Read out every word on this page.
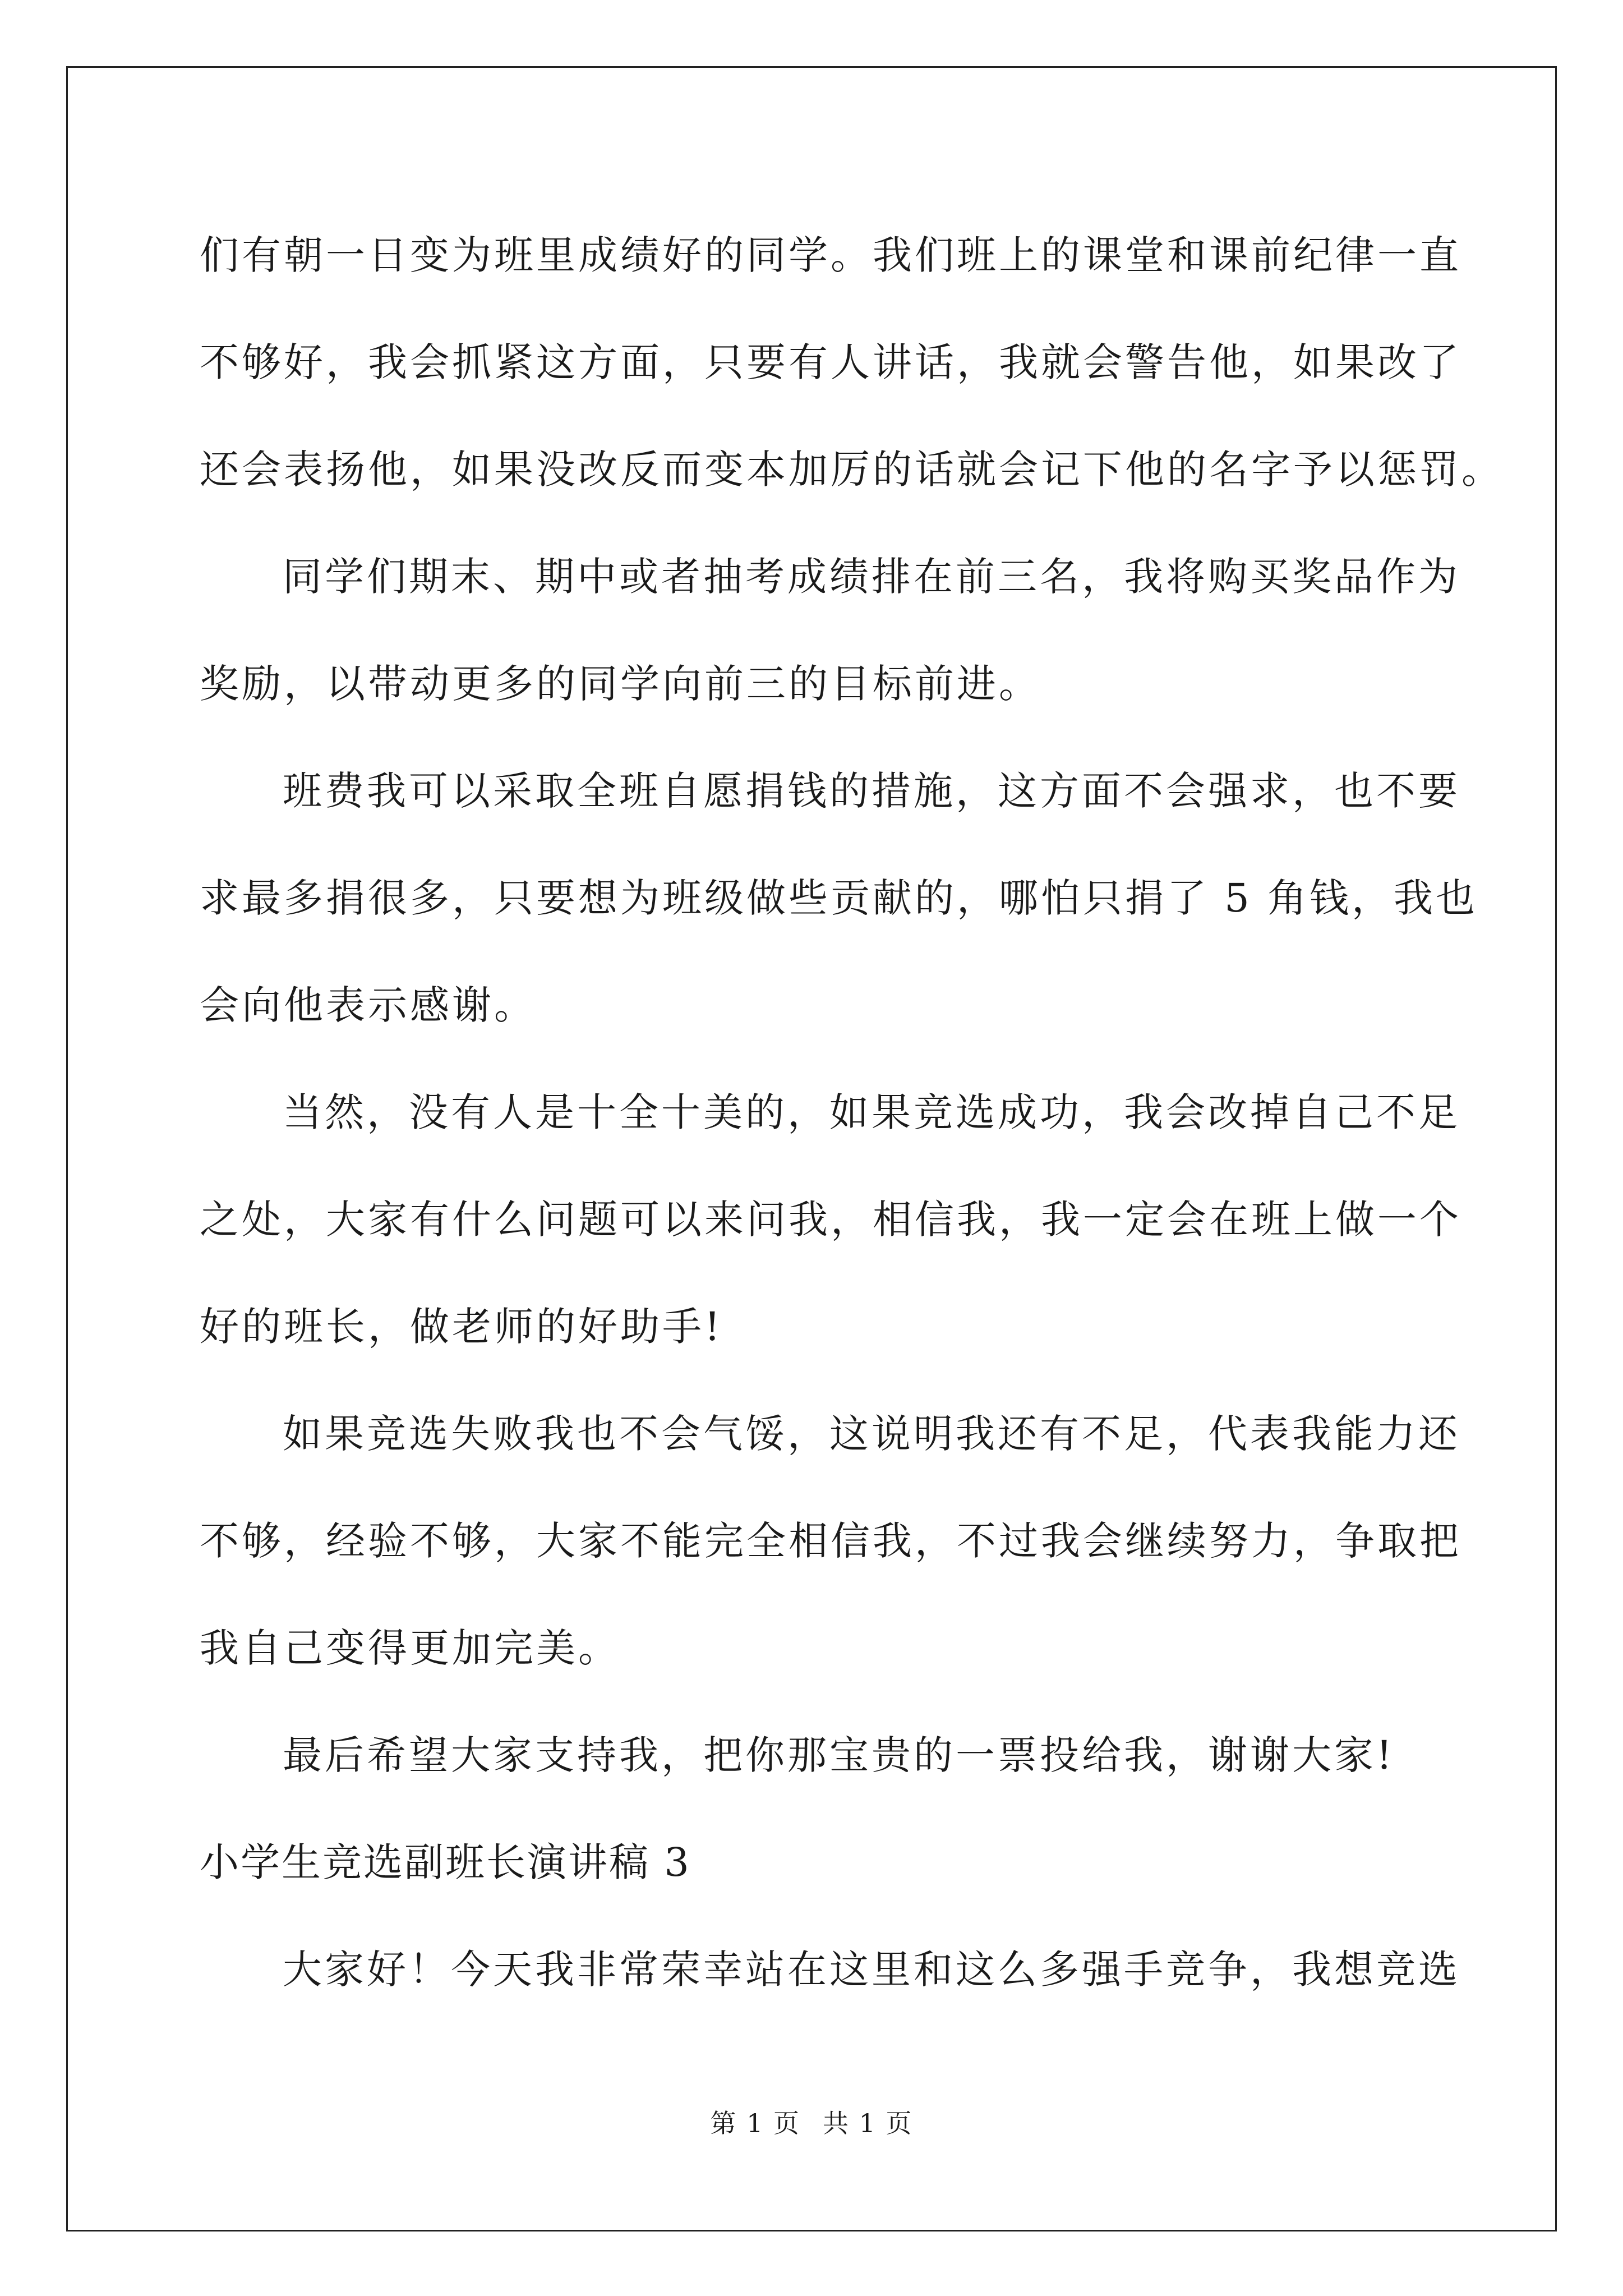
们有朝一日变为班里成绩好的同学。我们班上的课堂和课前纪律一直
不够好，我会抓紧这方面，只要有人讲话，我就会警告他，如果改了
还会表扬他，如果没改反而变本加厉的话就会记下他的名字予以惩罚。
同学们期末、期中或者抽考成绩排在前三名，我将购买奖品作为
奖励，以带动更多的同学向前三的目标前进。
班费我可以采取全班自愿捐钱的措施，这方面不会强求，也不要
求最多捐很多，只要想为班级做些贡献的，哪怕只捐了 5 角钱，我也
会向他表示感谢。
当然，没有人是十全十美的，如果竞选成功，我会改掉自己不足
之处，大家有什么问题可以来问我，相信我，我一定会在班上做一个
好的班长，做老师的好助手!
如果竞选失败我也不会气馁，这说明我还有不足，代表我能力还
不够，经验不够，大家不能完全相信我，不过我会继续努力，争取把
我自己变得更加完美。
最后希望大家支持我，把你那宝贵的一票投给我，谢谢大家!
小学生竞选副班长演讲稿 3
大家好！今天我非常荣幸站在这里和这么多强手竞争，我想竞选
第 1 页 共 1 页
